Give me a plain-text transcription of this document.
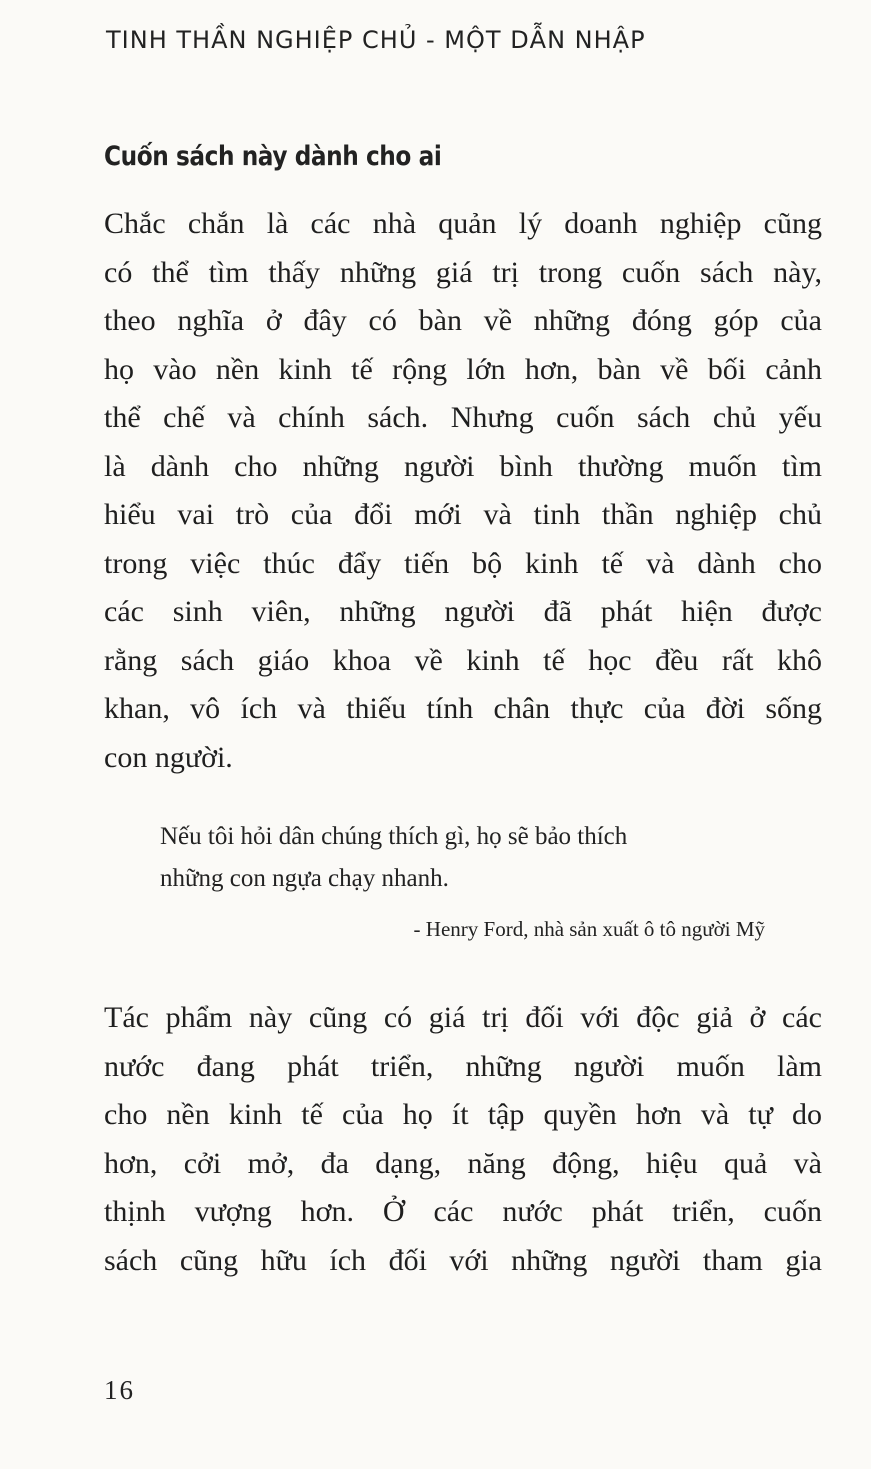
TINH THẦN NGHIỆP CHỦ - MỘT DẪN NHẬP
Cuốn sách này dành cho ai

Chắc chắn là các nhà quản lý doanh nghiệp cũng
có thể tìm thấy những giá trị trong cuốn sách này,
theo nghĩa ở đây có bàn về những đóng góp của
họ vào nền kinh tế rộng lớn hơn, bàn về bối cảnh
thể chế và chính sách. Nhưng cuốn sách chủ yếu
là dành cho những người bình thường muốn tìm
hiểu vai trò của đổi mới và tinh thần nghiệp chủ
trong việc thúc đẩy tiến bộ kinh tế và dành cho
các sinh viên, những người đã phát hiện được
rằng sách giáo khoa về kinh tế học đều rất khô
khan, vô ích và thiếu tính chân thực của đời sống
con người.

Nếu tôi hỏi dân chúng thích gì, họ sẽ bảo thích
những con ngựa chạy nhanh.
- Henry Ford, nhà sản xuất ô tô người Mỹ

Tác phẩm này cũng có giá trị đối với độc giả ở các
nước đang phát triển, những người muốn làm
cho nền kinh tế của họ ít tập quyền hơn và tự do
hơn, cởi mở, đa dạng, năng động, hiệu quả và
thịnh vượng hơn. Ở các nước phát triển, cuốn
sách cũng hữu ích đối với những người tham gia

16
